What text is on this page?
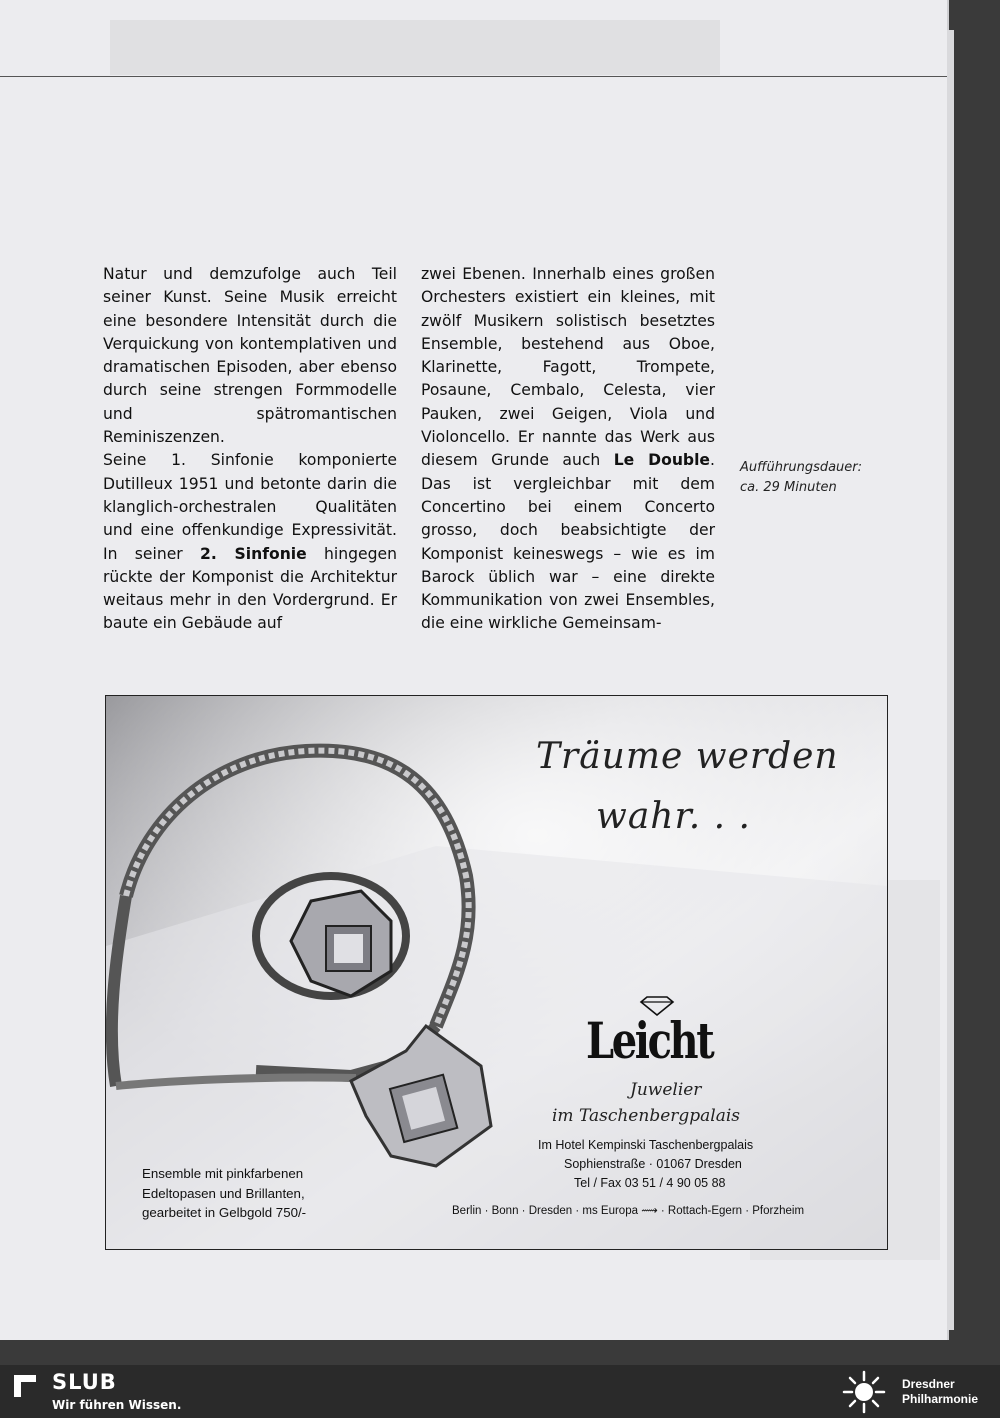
Natur und demzufolge auch Teil seiner Kunst. Seine Musik erreicht eine besondere Intensität durch die Verquickung von kontemplativen und dramatischen Episoden, aber ebenso durch seine strengen Formmodelle und spätromantischen Reminiszenzen.

Seine 1. Sinfonie komponierte Dutilleux 1951 und betonte darin die klanglich-orchestralen Qualitäten und eine offenkundige Expressivität. In seiner 2. Sinfonie hingegen rückte der Komponist die Architektur weitaus mehr in den Vordergrund. Er baute ein Gebäude auf

zwei Ebenen. Innerhalb eines großen Orchesters existiert ein kleines, mit zwölf Musikern solistisch besetztes Ensemble, bestehend aus Oboe, Klarinette, Fagott, Trompete, Posaune, Cembalo, Celesta, vier Pauken, zwei Geigen, Viola und Violoncello. Er nannte das Werk aus diesem Grunde auch Le Double. Das ist vergleichbar mit dem Concertino bei einem Concerto grosso, doch beabsichtigte der Komponist keineswegs – wie es im Barock üblich war – eine direkte Kommunikation von zwei Ensembles, die eine wirkliche Gemeinsam-

Aufführungsdauer:
ca. 29 Minuten
Träume werden
wahr. . .
Leicht
Juwelier
im Taschenbergpalais
Im Hotel Kempinski Taschenbergpalais
Sophienstraße · 01067 Dresden
Tel / Fax 03 51 / 4 90 05 88
Berlin · Bonn · Dresden · ms Europa ⟿ · Rottach-Egern · Pforzheim
Ensemble mit pinkfarbenen
Edeltopasen und Brillanten,
gearbeitet in Gelbgold 750/-
SLUB
Wir führen Wissen.
Dresdner
Philharmonie
